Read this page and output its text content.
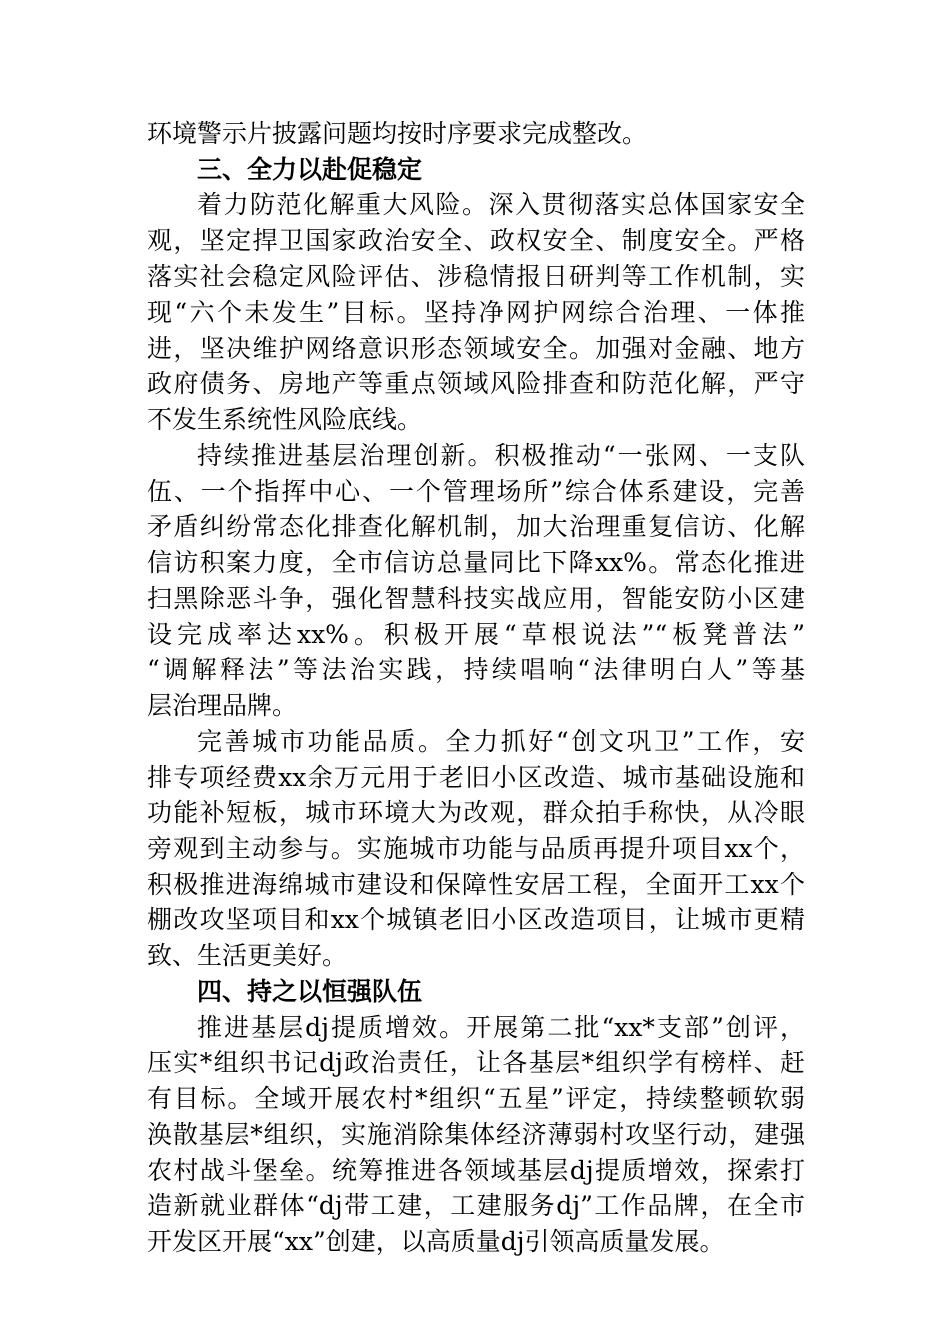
环境警示片披露问题均按时序要求完成整改。
三、全力以赴促稳定
着力防范化解重大风险。深入贯彻落实总体国家安全
观，坚定捍卫国家政治安全、政权安全、制度安全。严格
落实社会稳定风险评估、涉稳情报日研判等工作机制，实
现“六个未发生”目标。坚持净网护网综合治理、一体推
进，坚决维护网络意识形态领域安全。加强对金融、地方
政府债务、房地产等重点领域风险排查和防范化解，严守
不发生系统性风险底线。
持续推进基层治理创新。积极推动“一张网、一支队
伍、一个指挥中心、一个管理场所”综合体系建设，完善
矛盾纠纷常态化排查化解机制，加大治理重复信访、化解
信访积案力度，全市信访总量同比下降xx%。常态化推进
扫黑除恶斗争，强化智慧科技实战应用，智能安防小区建
设完成率达xx%。积极开展“草根说法”“板凳普法”
“调解释法”等法治实践，持续唱响“法律明白人”等基
层治理品牌。
完善城市功能品质。全力抓好“创文巩卫”工作，安
排专项经费xx余万元用于老旧小区改造、城市基础设施和
功能补短板，城市环境大为改观，群众拍手称快，从冷眼
旁观到主动参与。实施城市功能与品质再提升项目xx个，
积极推进海绵城市建设和保障性安居工程，全面开工xx个
棚改攻坚项目和xx个城镇老旧小区改造项目，让城市更精
致、生活更美好。
四、持之以恒强队伍
推进基层dj提质增效。开展第二批“xx*支部”创评，
压实*组织书记dj政治责任，让各基层*组织学有榜样、赶
有目标。全域开展农村*组织“五星”评定，持续整顿软弱
涣散基层*组织，实施消除集体经济薄弱村攻坚行动，建强
农村战斗堡垒。统筹推进各领域基层dj提质增效，探索打
造新就业群体“dj带工建，工建服务dj”工作品牌，在全市
开发区开展“xx”创建，以高质量dj引领高质量发展。
